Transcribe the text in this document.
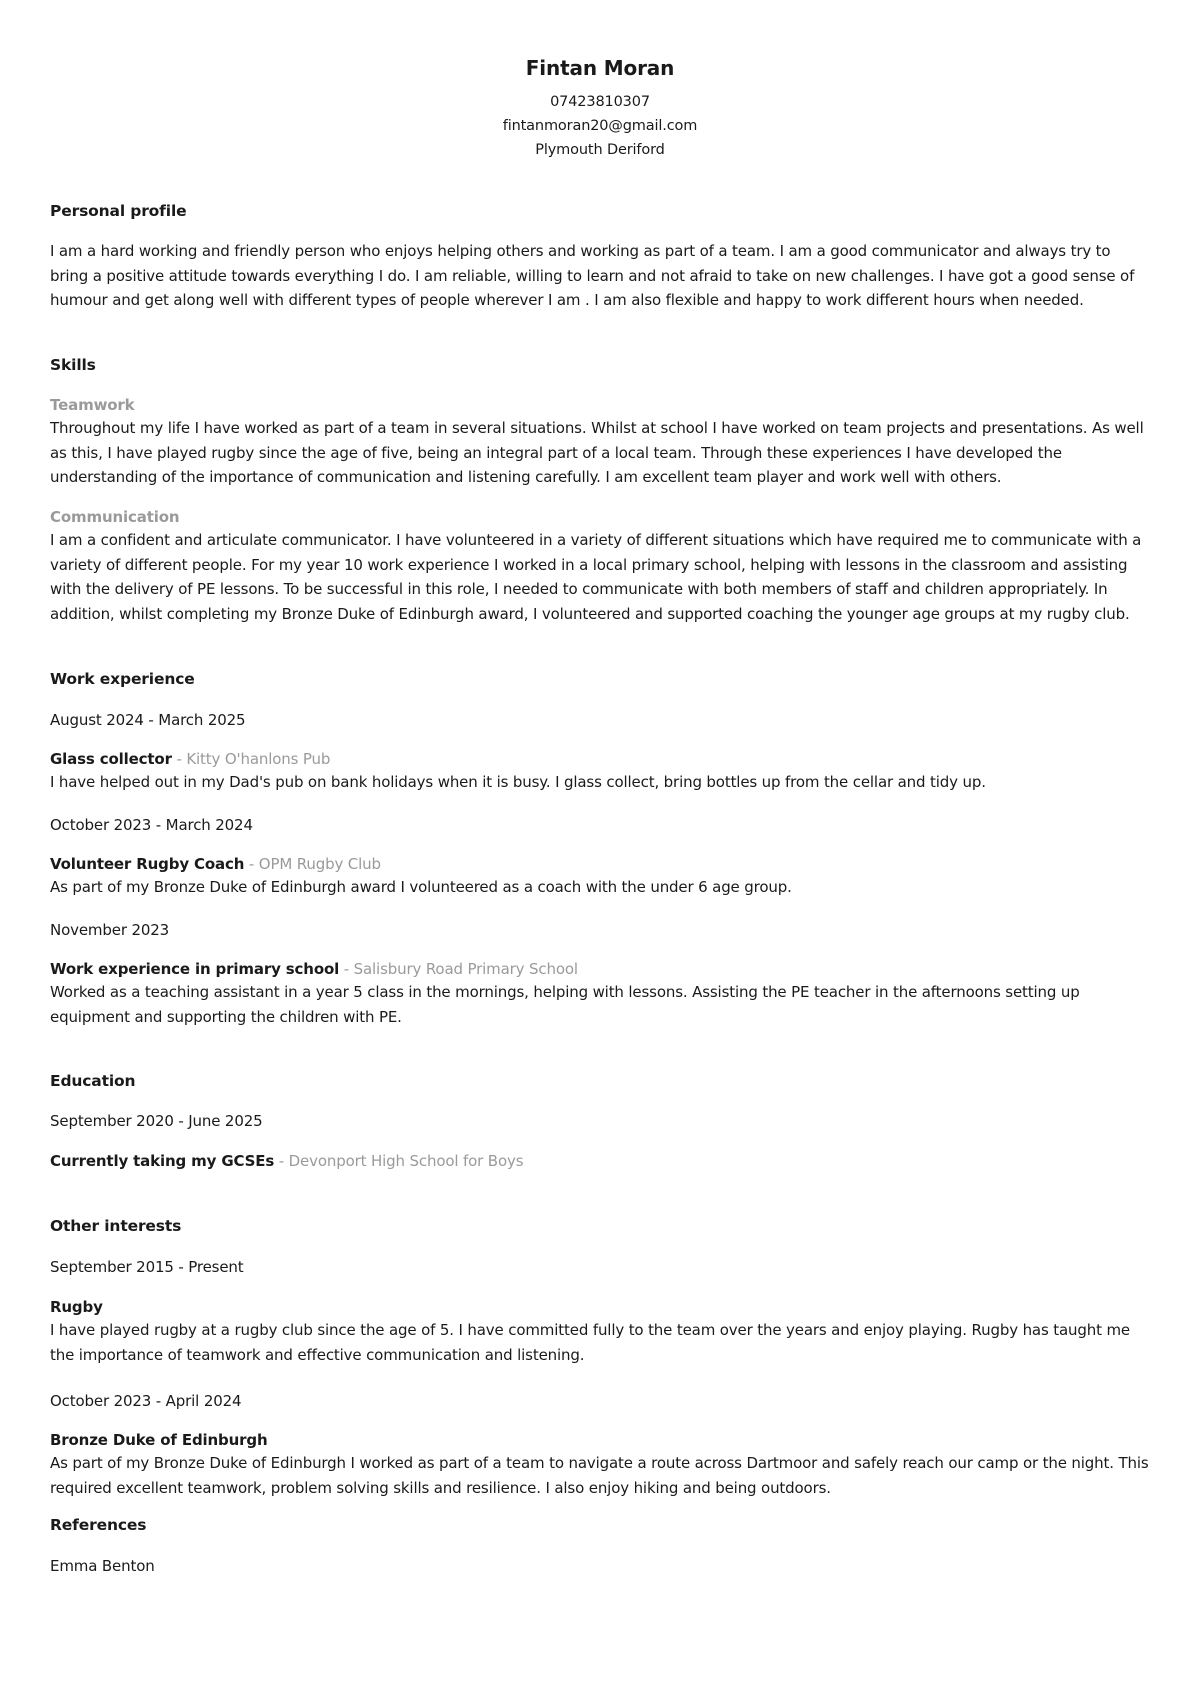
Fintan Moran
07423810307
fintanmoran20@gmail.com
Plymouth Deriford
Personal profile

I am a hard working and friendly person who enjoys helping others and working as part of a team. I am a good communicator and always try to bring a positive attitude towards everything I do. I am reliable, willing to learn and not afraid to take on new challenges. I have got a good sense of humour and get along well with different types of people wherever I am . I am also flexible and happy to work different hours when needed.

Skills
Teamwork

Throughout my life I have worked as part of a team in several situations. Whilst at school I have worked on team projects and presentations. As well as this, I have played rugby since the age of five, being an integral part of a local team. Through these experiences I have developed the understanding of the importance of communication and listening carefully. I am excellent team player and work well with others.

Communication

I am a confident and articulate communicator. I have volunteered in a variety of different situations which have required me to communicate with a variety of different people. For my year 10 work experience I worked in a local primary school, helping with lessons in the classroom and assisting with the delivery of PE lessons. To be successful in this role, I needed to communicate with both members of staff and children appropriately. In addition, whilst completing my Bronze Duke of Edinburgh award, I volunteered and supported coaching the younger age groups at my rugby club.

Work experience
August 2024 - March 2025
Glass collector - Kitty O'hanlons Pub

I have helped out in my Dad's pub on bank holidays when it is busy. I glass collect, bring bottles up from the cellar and tidy up.

October 2023 - March 2024
Volunteer Rugby Coach - OPM Rugby Club

As part of my Bronze Duke of Edinburgh award I volunteered as a coach with the under 6 age group.

November 2023
Work experience in primary school - Salisbury Road Primary School

Worked as a teaching assistant in a year 5 class in the mornings, helping with lessons. Assisting the PE teacher in the afternoons setting up equipment and supporting the children with PE.

Education
September 2020 - June 2025
Currently taking my GCSEs - Devonport High School for Boys
Other interests
September 2015 - Present
Rugby

I have played rugby at a rugby club since the age of 5. I have committed fully to the team over the years and enjoy playing. Rugby has taught me the importance of teamwork and effective communication and listening.

October 2023 - April 2024
Bronze Duke of Edinburgh

As part of my Bronze Duke of Edinburgh I worked as part of a team to navigate a route across Dartmoor and safely reach our camp or the night. This required excellent teamwork, problem solving skills and resilience. I also enjoy hiking and being outdoors.

References
Emma Benton
